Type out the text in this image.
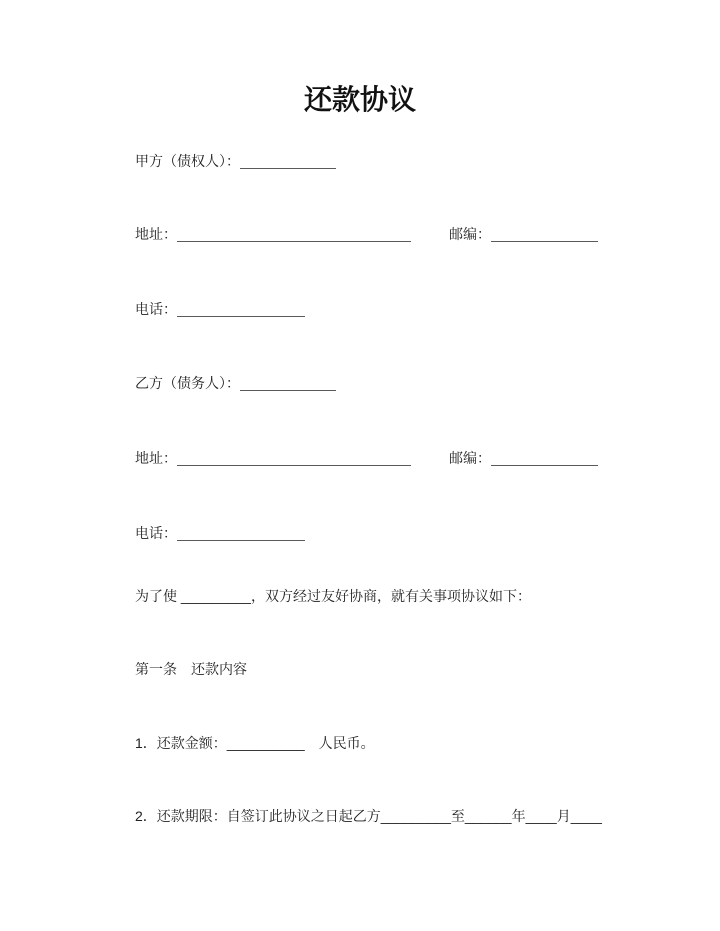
还款协议

甲方（债权人）：

地址：	邮编：

电话：

乙方（债务人）：

地址：	邮编：

电话：

为了使 _________，双方经过友好协商，就有关事项协议如下：

第一条　还款内容

1．还款金额：__________　人民币。

2．还款期限：自签订此协议之日起乙方_________至______年____月____
